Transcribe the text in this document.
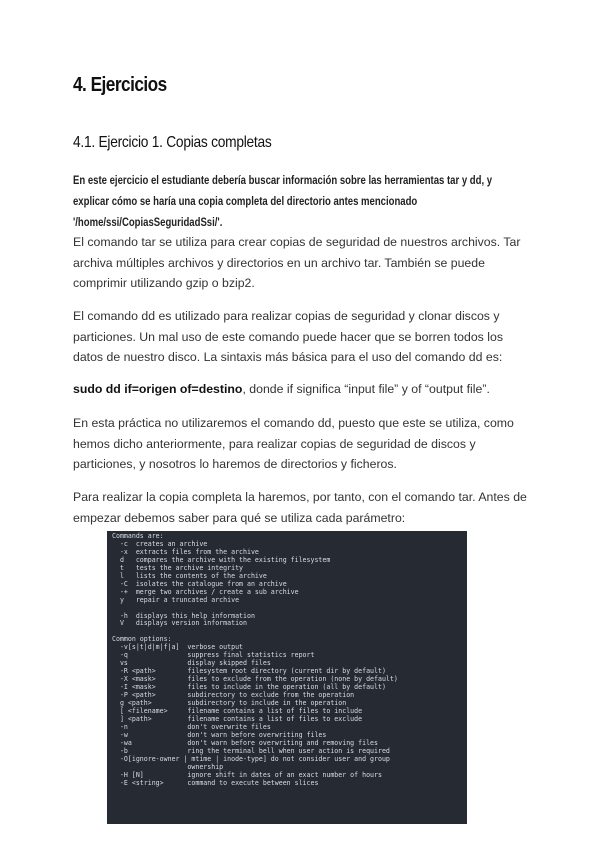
4. Ejercicios
4.1. Ejercicio 1. Copias completas

En este ejercicio el estudiante debería buscar información sobre las herramientas tar y dd, y explicar cómo se haría una copia completa del directorio antes mencionado '/home/ssi/CopiasSeguridadSsi/'.

El comando tar se utiliza para crear copias de seguridad de nuestros archivos. Tar archiva múltiples archivos y directorios en un archivo tar. También se puede comprimir utilizando gzip o bzip2.

El comando dd es utilizado para realizar copias de seguridad y clonar discos y particiones. Un mal uso de este comando puede hacer que se borren todos los datos de nuestro disco. La sintaxis más básica para el uso del comando dd es:

sudo dd if=origen of=destino, donde if significa “input file” y of “output file”.

En esta práctica no utilizaremos el comando dd, puesto que este se utiliza, como hemos dicho anteriormente, para realizar copias de seguridad de discos y particiones, y nosotros lo haremos de directorios y ficheros.

Para realizar la copia completa la haremos, por tanto, con el comando tar. Antes de empezar debemos saber para qué se utiliza cada parámetro:

Commands are:
-c  creates an archive
-x  extracts files from the archive
d   compares the archive with the existing filesystem
t   tests the archive integrity
l   lists the contents of the archive
-C  isolates the catalogue from an archive
-+  merge two archives / create a sub archive
y   repair a truncated archive

-h  displays this help information
V   displays version information

Common options:
-v[s|t|d|m|f|a]  verbose output
-q               suppress final statistics report
vs               display skipped files
-R <path>        filesystem root directory (current dir by default)
-X <mask>        files to exclude from the operation (none by default)
-I <mask>        files to include in the operation (all by default)
-P <path>        subdirectory to exclude from the operation
g <path>         subdirectory to include in the operation
[ <filename>     filename contains a list of files to include
] <path>         filename contains a list of files to exclude
-n               don't overwrite files
-w               don't warn before overwriting files
-wa              don't warn before overwriting and removing files
-b               ring the terminal bell when user action is required
-O[ignore-owner | mtime | inode-type] do not consider user and group
ownership
-H [N]           ignore shift in dates of an exact number of hours
-E <string>      command to execute between slices
